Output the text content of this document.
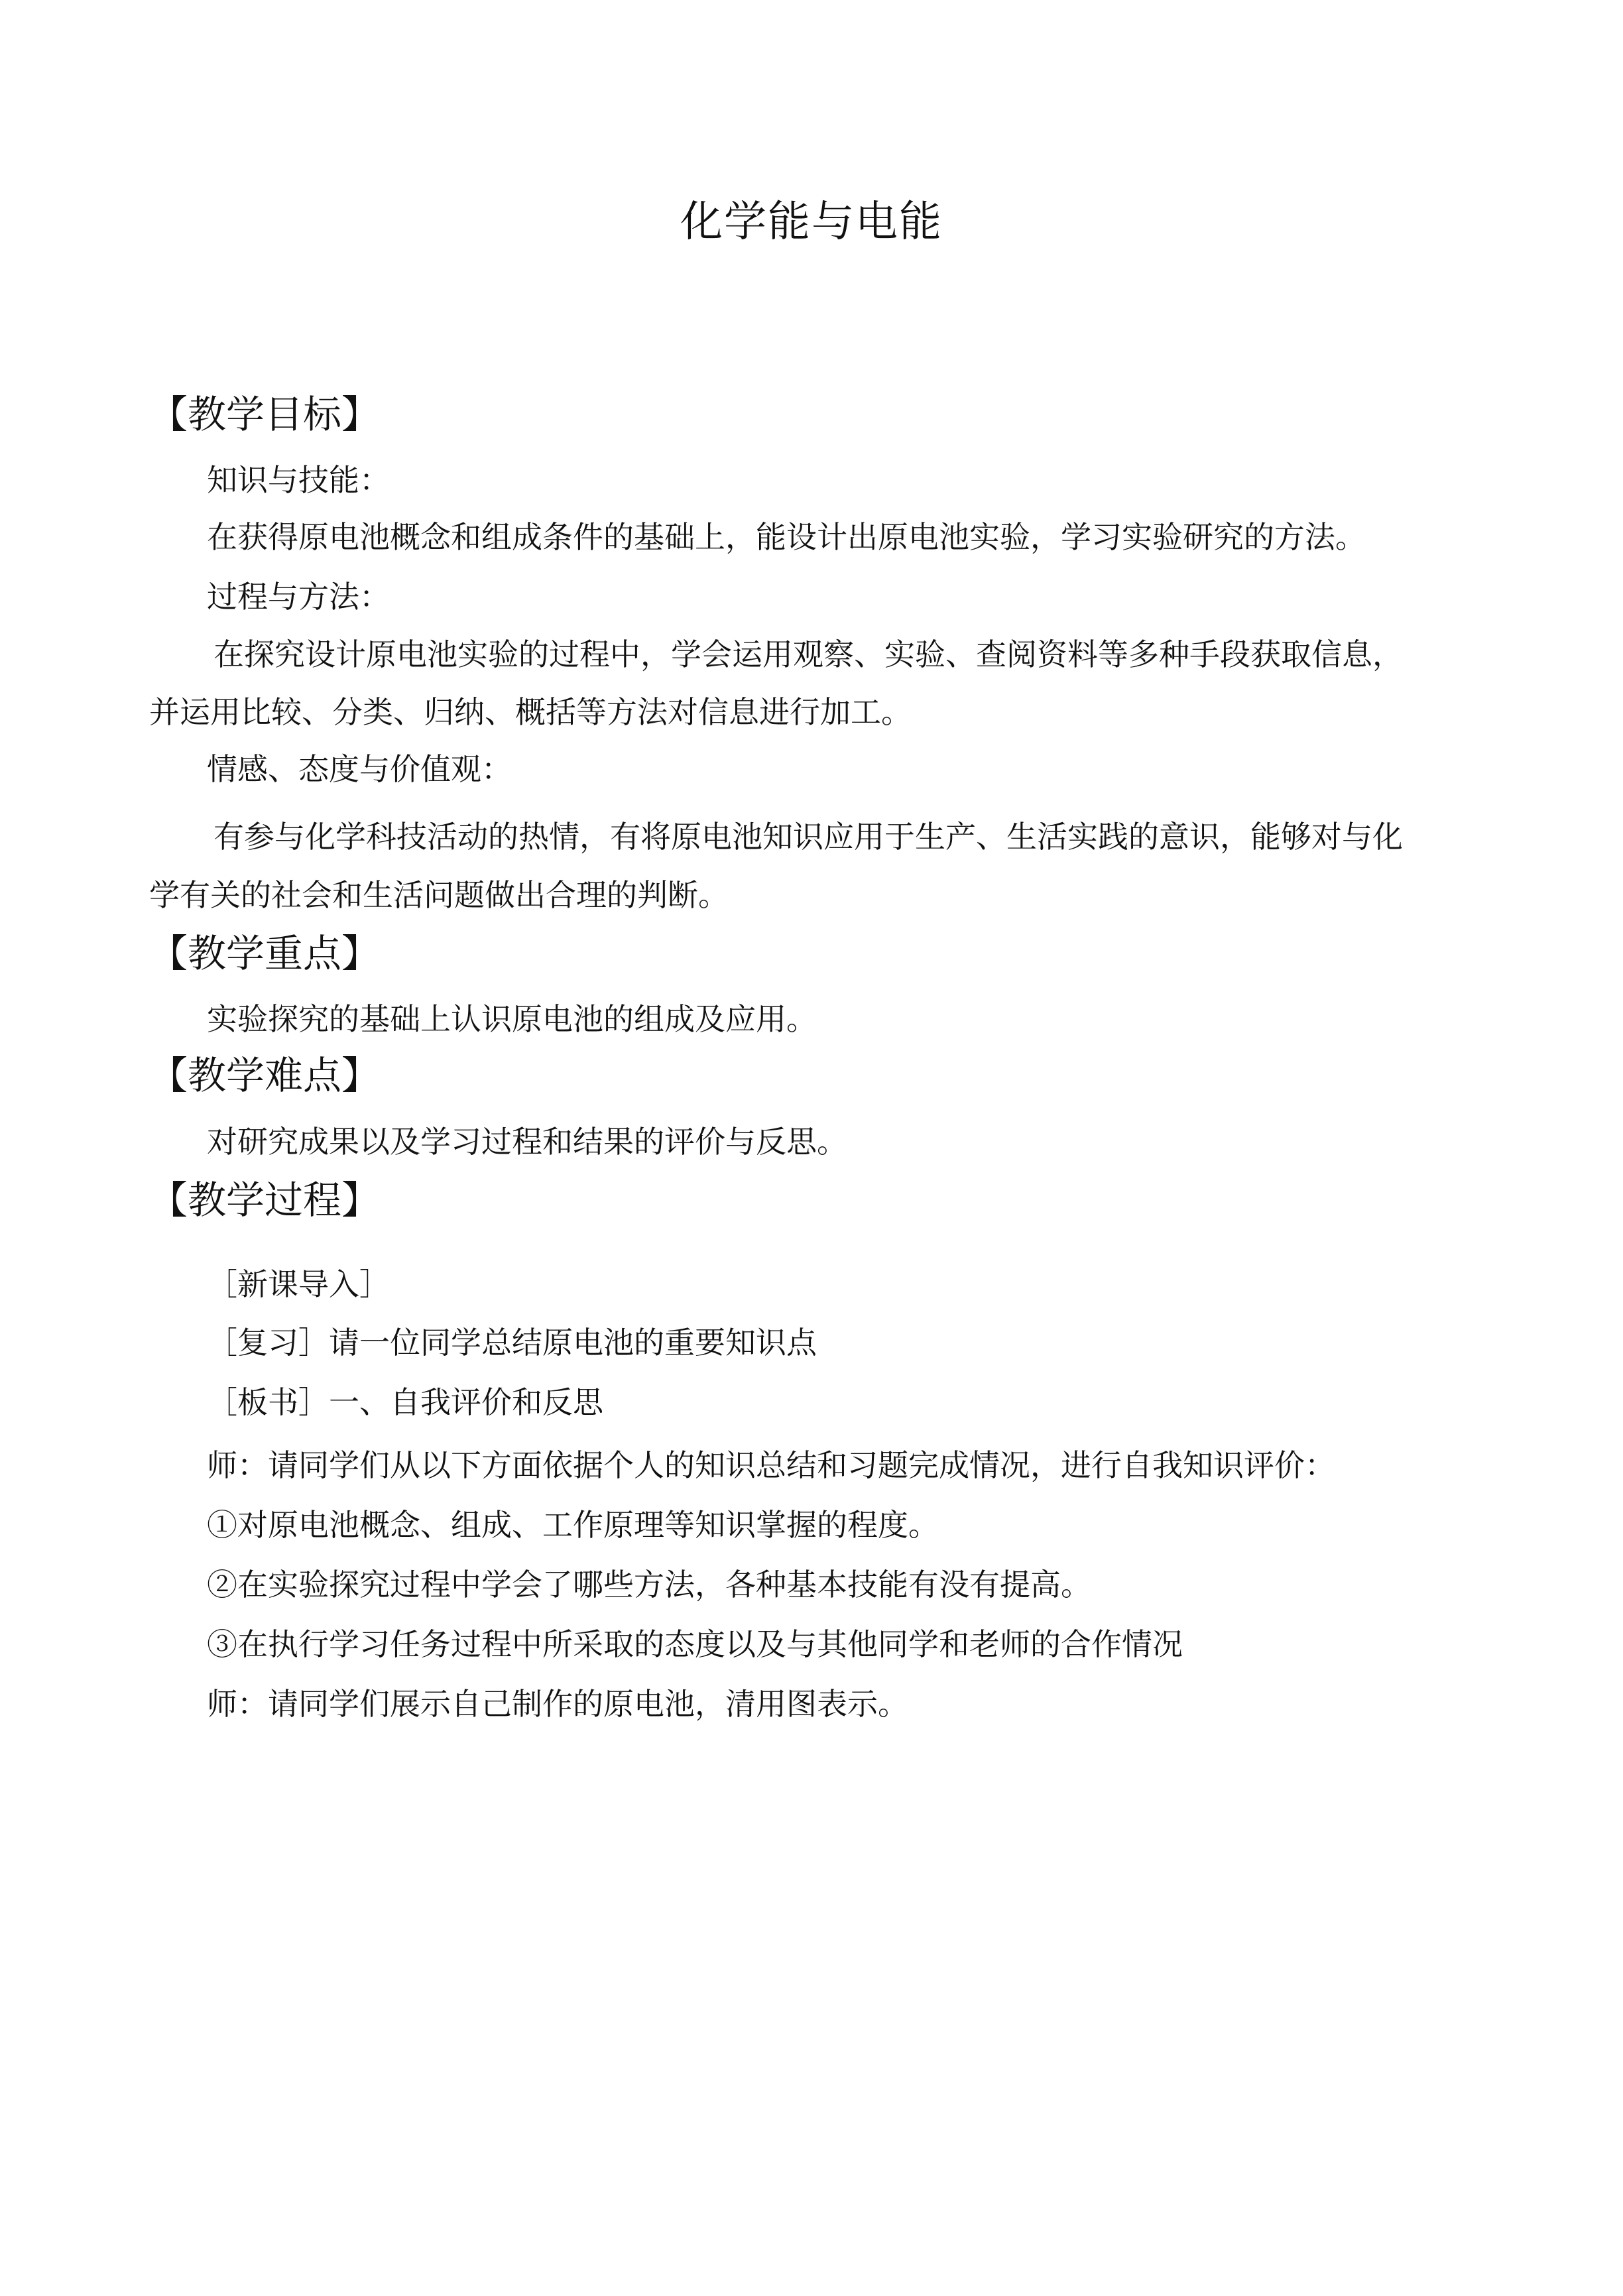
化学能与电能
【教学目标】
知识与技能：
在获得原电池概念和组成条件的基础上，能设计出原电池实验，学习实验研究的方法。
过程与方法：
在探究设计原电池实验的过程中，学会运用观察、实验、查阅资料等多种手段获取信息，
并运用比较、分类、归纳、概括等方法对信息进行加工。
情感、态度与价值观：
有参与化学科技活动的热情，有将原电池知识应用于生产、生活实践的意识，能够对与化
学有关的社会和生活问题做出合理的判断。
【教学重点】
实验探究的基础上认识原电池的组成及应用。
【教学难点】
对研究成果以及学习过程和结果的评价与反思。
【教学过程】
［新课导入］
［复习］请一位同学总结原电池的重要知识点
［板书］一、自我评价和反思
师：请同学们从以下方面依据个人的知识总结和习题完成情况，进行自我知识评价：
①对原电池概念、组成、工作原理等知识掌握的程度。
②在实验探究过程中学会了哪些方法，各种基本技能有没有提高。
③在执行学习任务过程中所采取的态度以及与其他同学和老师的合作情况
师：请同学们展示自己制作的原电池，清用图表示。
